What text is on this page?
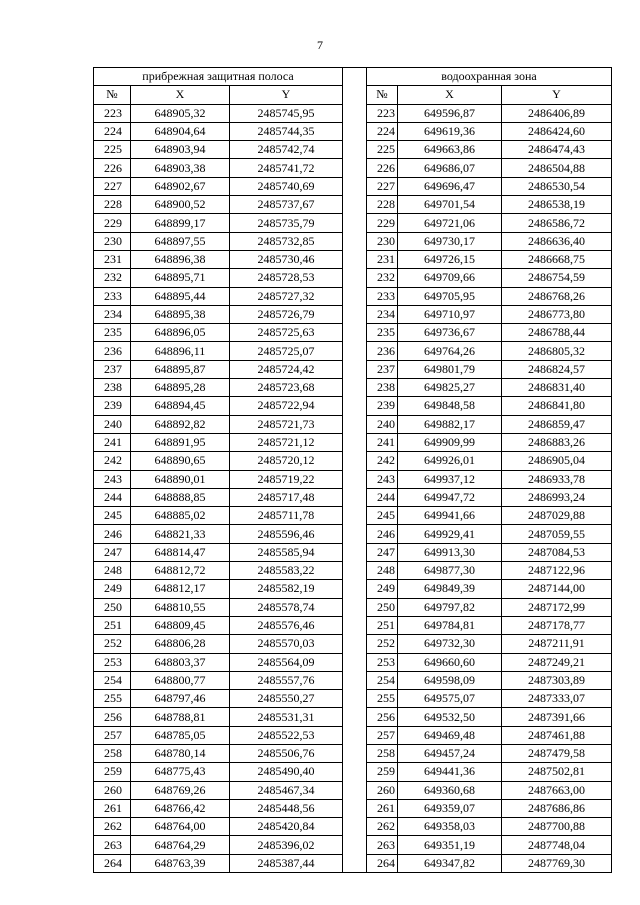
7
прибрежная защитная полоса				водоохранная зона		
№	X	Y		№	X	Y
223	648905,32	2485745,95		223	649596,87	2486406,89
224	648904,64	2485744,35		224	649619,36	2486424,60
225	648903,94	2485742,74		225	649663,86	2486474,43
226	648903,38	2485741,72		226	649686,07	2486504,88
227	648902,67	2485740,69		227	649696,47	2486530,54
228	648900,52	2485737,67		228	649701,54	2486538,19
229	648899,17	2485735,79		229	649721,06	2486586,72
230	648897,55	2485732,85		230	649730,17	2486636,40
231	648896,38	2485730,46		231	649726,15	2486668,75
232	648895,71	2485728,53		232	649709,66	2486754,59
233	648895,44	2485727,32		233	649705,95	2486768,26
234	648895,38	2485726,79		234	649710,97	2486773,80
235	648896,05	2485725,63		235	649736,67	2486788,44
236	648896,11	2485725,07		236	649764,26	2486805,32
237	648895,87	2485724,42		237	649801,79	2486824,57
238	648895,28	2485723,68		238	649825,27	2486831,40
239	648894,45	2485722,94		239	649848,58	2486841,80
240	648892,82	2485721,73		240	649882,17	2486859,47
241	648891,95	2485721,12		241	649909,99	2486883,26
242	648890,65	2485720,12		242	649926,01	2486905,04
243	648890,01	2485719,22		243	649937,12	2486933,78
244	648888,85	2485717,48		244	649947,72	2486993,24
245	648885,02	2485711,78		245	649941,66	2487029,88
246	648821,33	2485596,46		246	649929,41	2487059,55
247	648814,47	2485585,94		247	649913,30	2487084,53
248	648812,72	2485583,22		248	649877,30	2487122,96
249	648812,17	2485582,19		249	649849,39	2487144,00
250	648810,55	2485578,74		250	649797,82	2487172,99
251	648809,45	2485576,46		251	649784,81	2487178,77
252	648806,28	2485570,03		252	649732,30	2487211,91
253	648803,37	2485564,09		253	649660,60	2487249,21
254	648800,77	2485557,76		254	649598,09	2487303,89
255	648797,46	2485550,27		255	649575,07	2487333,07
256	648788,81	2485531,31		256	649532,50	2487391,66
257	648785,05	2485522,53		257	649469,48	2487461,88
258	648780,14	2485506,76		258	649457,24	2487479,58
259	648775,43	2485490,40		259	649441,36	2487502,81
260	648769,26	2485467,34		260	649360,68	2487663,00
261	648766,42	2485448,56		261	649359,07	2487686,86
262	648764,00	2485420,84		262	649358,03	2487700,88
263	648764,29	2485396,02		263	649351,19	2487748,04
264	648763,39	2485387,44		264	649347,82	2487769,30
